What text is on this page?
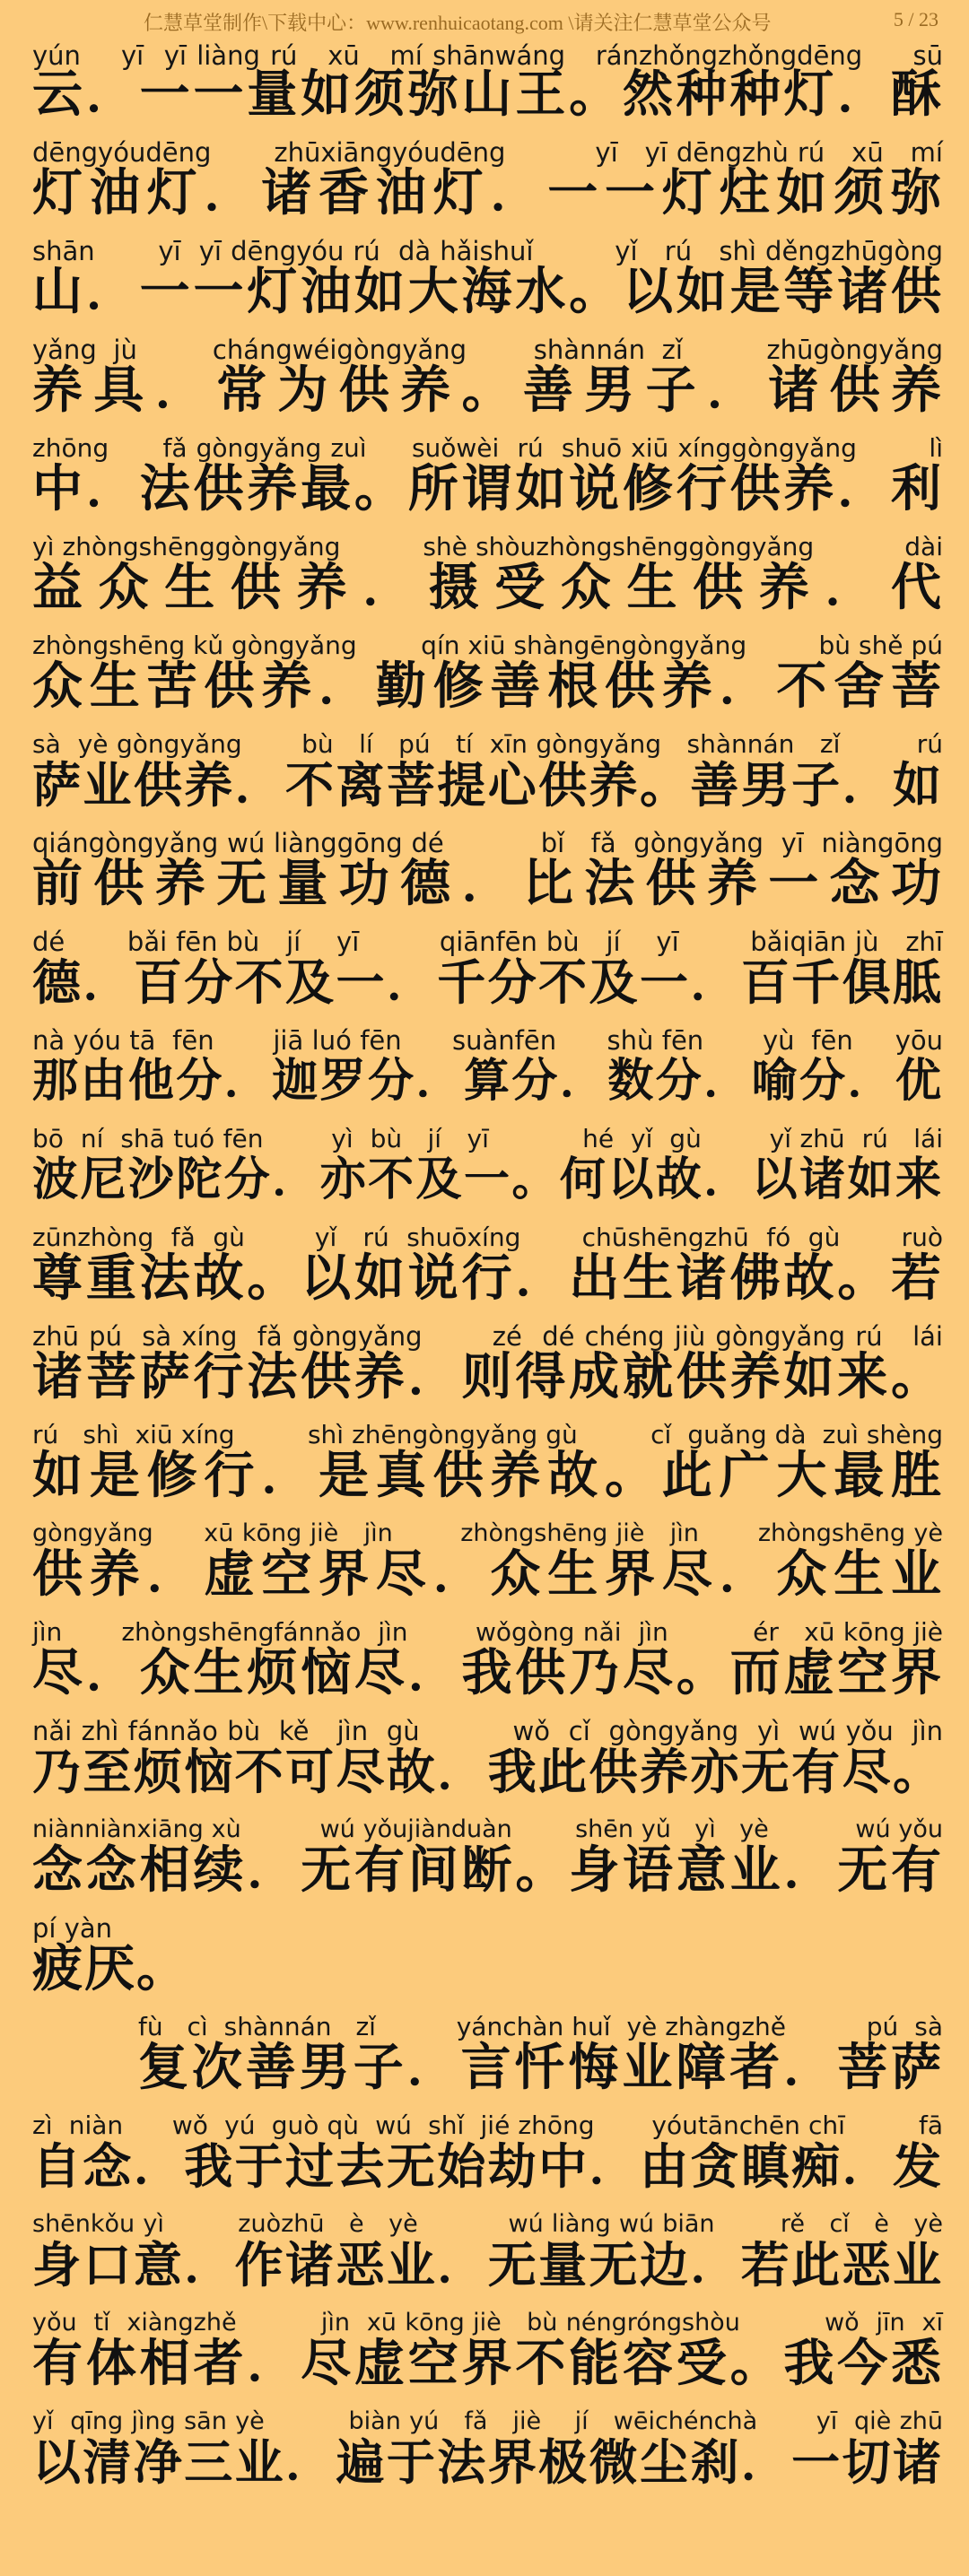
仁慧草堂制作\下载中心：www.renhuicaotang.com \请关注仁慧草堂公众号	5 / 23
yún    yī  yī liàng rú   xū   mí shānwáng   ránzhǒngzhǒngdēng     sū
云．一一量如须弥山王。然种种灯．酥
dēngyóudēng       zhūxiāngyóudēng          yī   yī dēngzhù rú   xū   mí
灯油灯．诸香油灯．一一灯炷如须弥
shān       yī  yī dēngyóu rú  dà hǎishuǐ         yǐ   rú   shì děngzhūgòng
山．一一灯油如大海水。以如是等诸供
yǎng  jù         chángwéigòngyǎng        shànnán  zǐ          zhūgòngyǎng
养具．常为供养。善男子．诸供养
zhōng      fǎ gòngyǎng zuì     suǒwèi  rú  shuō xiū xínggòngyǎng        lì
中．法供养最。所谓如说修行供养．利
yì zhòngshēnggòngyǎng          shè shòuzhòngshēnggòngyǎng           dài
益众生供养．摄受众生供养．代
zhòngshēng kǔ gòngyǎng        qín xiū shàngēngòngyǎng         bù shě pú
众生苦供养．勤修善根供养．不舍菩
sà  yè gòngyǎng       bù   lí   pú   tí  xīn gòngyǎng   shànnán   zǐ         rú
萨业供养．不离菩提心供养。善男子．如
qiángòngyǎng wú liànggōng dé           bǐ   fǎ  gòngyǎng  yī  niàngōng
前供养无量功德．比法供养一念功
dé       bǎi fēn bù   jí    yī         qiānfēn bù   jí    yī        bǎiqiān jù   zhī
德．百分不及一．千分不及一．百千俱胝
nà yóu tā  fēn       jiā luó fēn      suànfēn      shù fēn       yù  fēn     yōu
那由他分．迦罗分．算分．数分．喻分．优
bō  ní  shā tuó fēn        yì  bù   jí   yī           hé  yǐ  gù        yǐ zhū  rú   lái
波尼沙陀分．亦不及一。何以故．以诸如来
zūnzhòng  fǎ  gù        yǐ   rú  shuōxíng       chūshēngzhū  fó  gù       ruò
尊重法故。以如说行．出生诸佛故。若
zhū pú  sà xíng  fǎ gòngyǎng       zé  dé chéng jiù gòngyǎng rú   lái
诸菩萨行法供养．则得成就供养如来。
rú   shì  xiū xíng         shì zhēngòngyǎng gù         cǐ  guǎng dà  zuì shèng
如是修行．是真供养故。此广大最胜
gòngyǎng      xū kōng jiè   jìn        zhòngshēng jiè   jìn       zhòngshēng yè
供养．虚空界尽．众生界尽．众生业
jìn       zhòngshēngfánnǎo  jìn        wǒgòng nǎi  jìn          ér   xū kōng jiè
尽．众生烦恼尽．我供乃尽。而虚空界
nǎi zhì fánnǎo bù  kě   jìn  gù          wǒ  cǐ  gòngyǎng  yì  wú yǒu  jìn
乃至烦恼不可尽故．我此供养亦无有尽。
niànniànxiāng xù          wú yǒujiànduàn        shēn yǔ   yì   yè           wú yǒu
念念相续．无有间断。身语意业．无有
pí yàn
疲厌。
fù   cì  shànnán   zǐ          yánchàn huǐ  yè zhàngzhě          pú  sà
复次善男子．言忏悔业障者．菩萨
zì  niàn      wǒ  yú  guò qù  wú  shǐ  jié zhōng       yóutānchēn chī         fā
自念．我于过去无始劫中．由贪瞋痴．发
shēnkǒu yì         zuòzhū   è   yè           wú liàng wú biān        rě   cǐ   è   yè
身口意．作诸恶业．无量无边．若此恶业
yǒu  tǐ  xiàngzhě          jìn  xū kōng jiè   bù néngróngshòu          wǒ  jīn  xī
有体相者．尽虚空界不能容受。我今悉
yǐ  qīng jìng sān yè          biàn yú   fǎ   jiè    jí   wēichénchà       yī  qiè zhū
以清净三业．遍于法界极微尘刹．一切诸
